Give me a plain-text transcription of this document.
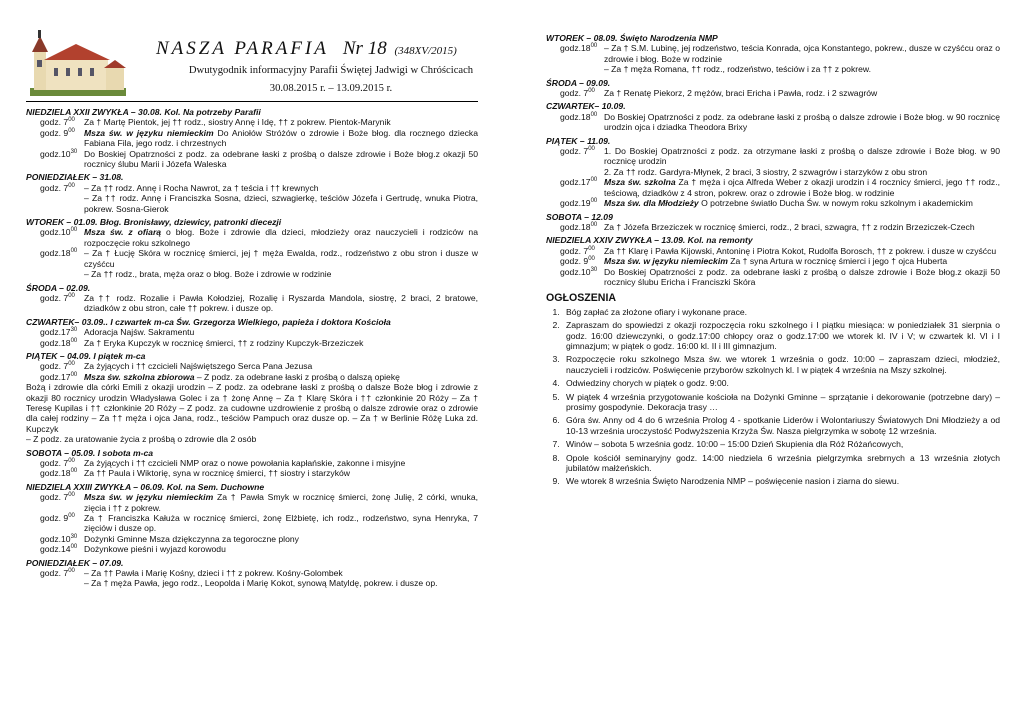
NASZA PARAFIA Nr 18 (348XV/2015)
Dwutygodnik informacyjny Parafii Świętej Jadwigi w Chróścicach
30.08.2015 r. – 13.09.2015 r.
NIEDZIELA XXII ZWYKŁA – 30.08. Kol. Na potrzeby Parafii
godz. $7^{00}$	Za † Martę Pientok, jej †† rodz., siostry Annę i Idę, †† z pokrew. Pientok-Marynik
godz. $9^{00}$	Msza św. w języku niemieckim Do Aniołów Stróżów o zdrowie i Boże błog. dla rocznego dziecka Fabiana Fila, jego rodz. i chrzestnych
$godz.10^{30}$ Do Boskiej Opatrzności z podz. za odebrane łaski z prośbą o dalsze zdrowie i Boże błog.z okazji 50 rocznicy ślubu Marii i Józefa Waleska
PONIEDZIAŁEK – 31.08.
godz. $7^{00}$	– Za †† rodz. Annę i Rocha Nawrot, za † teścia i †† krewnych
– Za †† rodz. Annę i Franciszka Sosna, dzieci, szwagierkę, teściów Józefa i Gertrudę, wnuka Piotra, pokrew. Sosna-Gierok
WTOREK – 01.09. Błog. Bronisławy, dziewicy, patronki diecezji
$godz.10^{00}$ Msza św. z ofiarą o błog. Boże i zdrowie dla dzieci, młodzieży oraz nauczycieli i rodziców na rozpoczęcie roku szkolnego
$godz.18^{00}$ – Za † Łucję Skóra w rocznicę śmierci, jej † męża Ewalda, rodz., rodzeństwo z obu stron i dusze w czyśćcu
– Za †† rodz., brata, męża oraz o błog. Boże i zdrowie w rodzinie
ŚRODA – 02.09.
godz. $7^{00}$	Za †† rodz. Rozalie i Pawła Kołodziej, Rozalię i Ryszarda Mandola, siostrę, 2 braci, 2 bratowe, dziadków z obu stron, całe †† pokrew. i dusze op.
CZWARTEK– 03.09.. I czwartek m-ca Św. Grzegorza Wielkiego, papieża i doktora Kościoła
$godz.17^{30}$ Adoracja Najśw. Sakramentu
$godz.18^{00}$ Za † Eryka Kupczyk w rocznicę śmierci, †† z rodziny Kupczyk-Brzeziczek
PIĄTEK – 04.09. I piątek m-ca
godz. $7^{00}$	Za żyjących i †† czcicieli Najświętszego Serca Pana Jezusa
$godz.17^{00}$ Msza św. szkolna zbiorowa – Z podz. za odebrane łaski z prośbą o dalszą opiekę
Bożą i zdrowie dla córki Emili z okazji urodzin – Z podz. za odebrane łaski z prośbą o dalsze Boże błog i zdrowie z okazji 80 rocznicy urodzin Władysława Golec i za † żonę Annę – Za † Klarę Skóra i †† członkinie 20 Róży – Za † Teresę Kupilas i †† członkinie 20 Róży – Z podz. za cudowne uzdrowienie z prośbą o dalsze zdrowie oraz o zdrowie dla całej rodziny – Za †† męża i ojca Jana, rodz., teściów Pampuch oraz dusze op. – Za † w Berlinie Różę Luka zd. Kupczyk
– Z podz. za uratowanie życia z prośbą o zdrowie dla 2 osób
SOBOTA – 05.09. I sobota m-ca
godz. $7^{00}$	Za żyjących i †† czcicieli NMP oraz o nowe powołania kapłańskie, zakonne i misyjne
$godz.18^{00}$ Za †† Paula i Wiktorię, syna w rocznicę śmierci, †† siostry i starzyków
NIEDZIELA XXIII ZWYKŁA – 06.09. Kol. na Sem. Duchowne
godz. $7^{00}$	Msza św. w języku niemieckim Za † Pawła Smyk w rocznicę śmierci, żonę Julię, 2 córki, wnuka, zięcia i †† z pokrew.
godz. $9^{00}$	Za † Franciszka Kałuża w rocznicę śmierci, żonę Elżbietę, ich rodz., rodzeństwo, syna Henryka, 7 zięciów i dusze op.
$godz.10^{30}$ Dożynki Gminne Msza dziękczynna za tegoroczne plony
$godz.14^{00}$ Dożynkowe pieśni i wyjazd korowodu
PONIEDZIAŁEK – 07.09.
godz. $7^{00}$	– Za †† Pawła i Marię Kośny, dzieci i †† z pokrew. Kośny-Golombek
– Za † męża Pawła, jego rodz., Leopolda i Marię Kokot, synową Matyldę, pokrew. i dusze op.
WTOREK – 08.09. Święto Narodzenia NMP
$godz.18^{00}$ – Za † S.M. Lubinę, jej rodzeństwo, teścia Konrada, ojca Konstantego, pokrew., dusze w czyśćcu oraz o zdrowie i błog. Boże w rodzinie
– Za † męża Romana, †† rodz., rodzeństwo, teściów i za †† z pokrew.
ŚRODA – 09.09.
godz. $7^{00}$	Za † Renatę Piekorz, 2 mężów, braci Ericha i Pawła, rodz. i 2 szwagrów
CZWARTEK– 10.09.
$godz.18^{00}$ Do Boskiej Opatrzności z podz. za odebrane łaski z prośbą o dalsze zdrowie i Boże błog. w 90 rocznicę urodzin ojca i dziadka Theodora Brixy
PIĄTEK – 11.09.
godz. $7^{00}$	1. Do Boskiej Opatrzności z podz. za otrzymane łaski z prośbą o dalsze zdrowie i Boże błog. w 90 rocznicę urodzin
2. Za †† rodz. Gardyra-Młynek, 2 braci, 3 siostry, 2 szwagrów i starzyków z obu stron
$godz.17^{00}$ Msza św. szkolna Za † męża i ojca Alfreda Weber z okazji urodzin i 4 rocznicy śmierci, jego †† rodz., teściową, dziadków z 4 stron, pokrew. oraz o zdrowie i Boże błog. w rodzinie
$godz.19^{00}$ Msza św. dla Młodzieży O potrzebne światło Ducha Św. w nowym roku szkolnym i akademickim
SOBOTA – 12.09
$godz.18^{00}$ Za † Józefa Brzeziczek w rocznicę śmierci, rodz., 2 braci, szwagra, †† z rodzin Brzeziczek-Czech
NIEDZIELA XXIV ZWYKŁA – 13.09. Kol. na remonty
godz. $7^{00}$	Za †† Klarę i Pawła Kijowski, Antoninę i Piotra Kokot, Rudolfa Borosch, †† z pokrew. i dusze w czyśćcu
godz. $9^{00}$	Msza św. w języku niemieckim Za † syna Artura w rocznicę śmierci i jego † ojca Huberta
$godz.10^{30}$ Do Boskiej Opatrzności z podz. za odebrane łaski z prośbą o dalsze zdrowie i Boże błog.z okazji 50 rocznicy ślubu Ericha i Franciszki Skóra
OGŁOSZENIA
1. Bóg zapłać za złożone ofiary i wykonane prace.
2. Zapraszam do spowiedzi z okazji rozpoczęcia roku szkolnego i I piątku miesiąca: w poniedziałek 31 sierpnia o godz. 16:00 dziewczynki, o godz.17:00 chłopcy oraz o godz.17:00 we wtorek kl. IV i V; w czwartek kl. VI i I gimnazjum; w piątek o godz. 16:00 kl. II i III gimnazjum.
3. Rozpoczęcie roku szkolnego Msza św. we wtorek 1 września o godz. 10:00 – zapraszam dzieci, młodzież, nauczycieli i rodziców. Poświęcenie przyborów szkolnych kl. I w piątek 4 września na Mszy szkolnej.
4. Odwiedziny chorych w piątek o godz. 9:00.
5. W piątek 4 września przygotowanie kościoła na Dożynki Gminne – sprzątanie i dekorowanie (potrzebne dary) – prosimy gospodynie. Dekoracja trasy …
6. Góra św. Anny od 4 do 6 września Prolog 4 - spotkanie Liderów i Wolontariuszy Światowych Dni Młodzieży a od 10-13 września uroczystość Podwyższenia Krzyża Św. Nasza pielgrzymka w sobotę 12 września.
7. Winów – sobota 5 września godz. 10:00 – 15:00 Dzień Skupienia dla Róż Różańcowych,
8. Opole kościół seminaryjny godz. 14:00 niedziela 6 września pielgrzymka srebrnych a 13 września złotych jubilatów małżeńskich.
9. We wtorek 8 września Święto Narodzenia NMP – poświęcenie nasion i ziarna do siewu.
